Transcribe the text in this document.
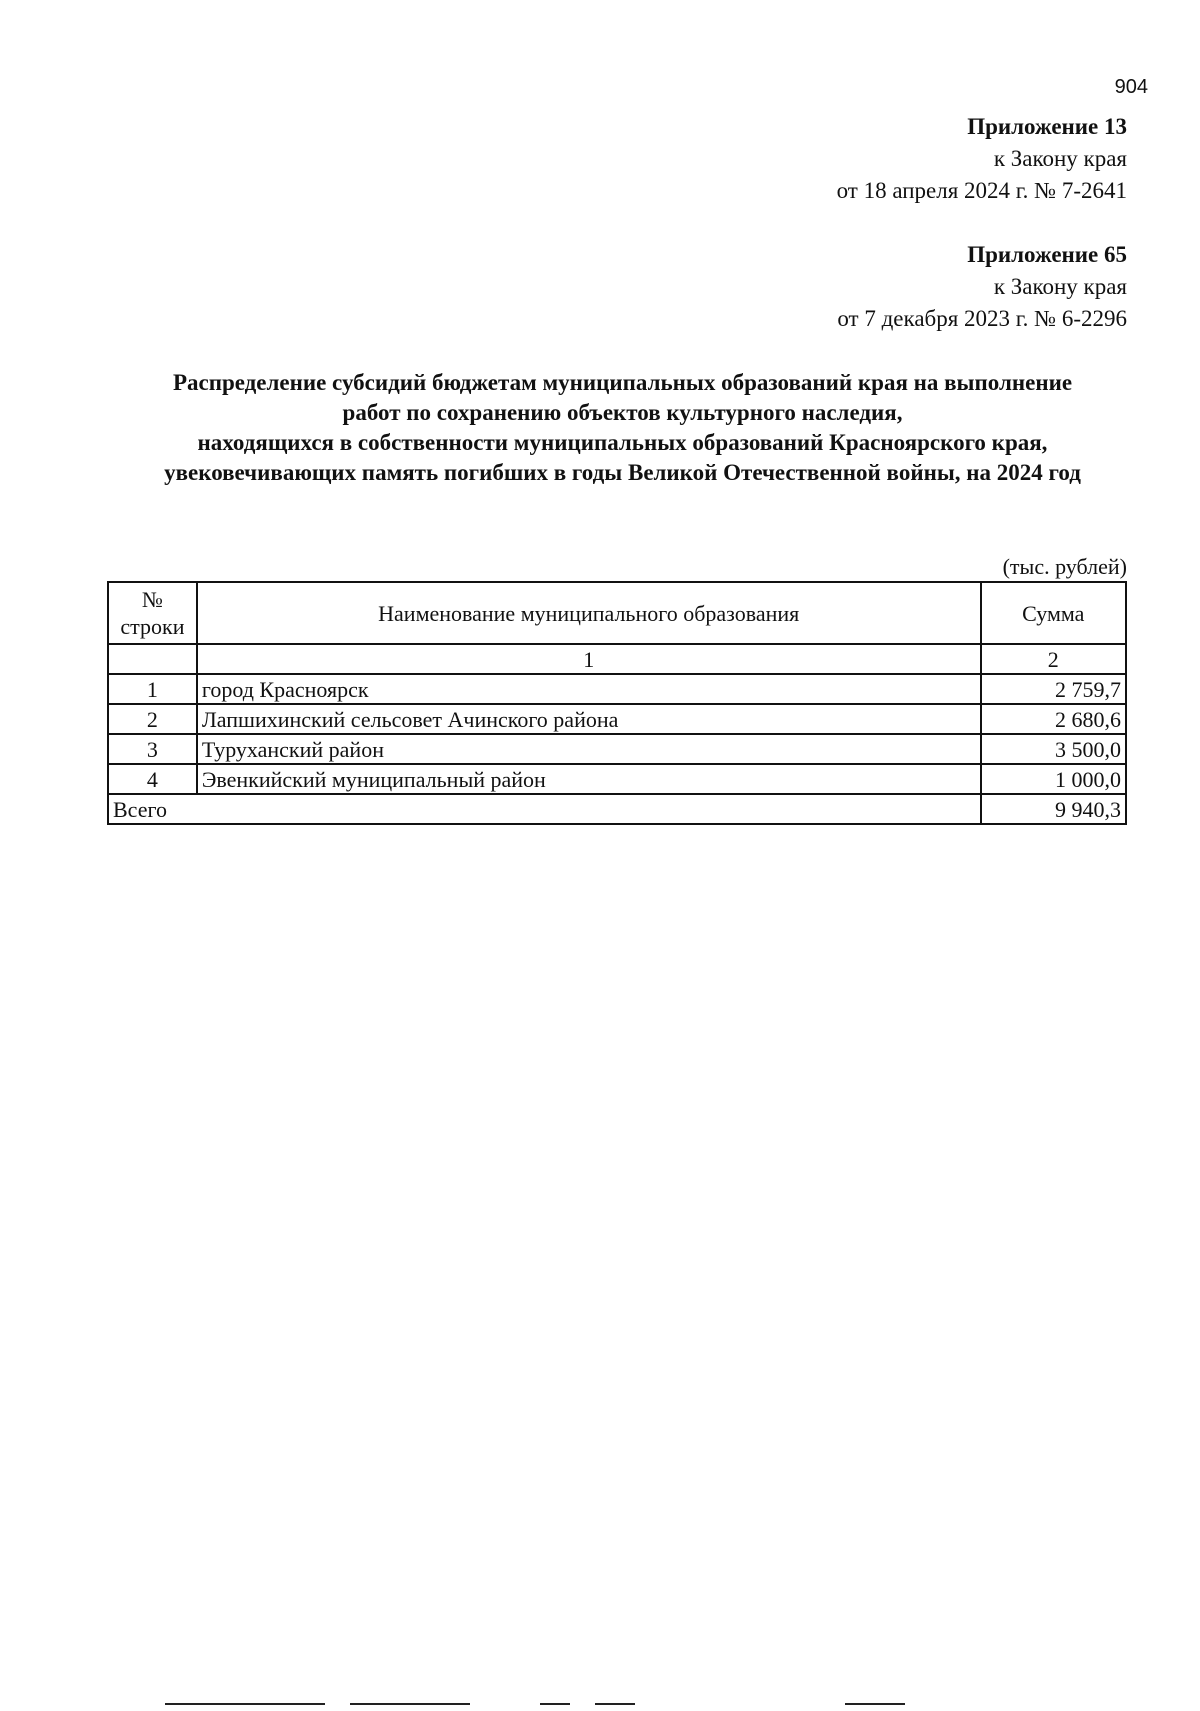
904
Приложение 13
к Закону края
от 18 апреля 2024 г. № 7-2641
Приложение 65
к Закону края
от 7 декабря 2023 г. № 6-2296
Распределение субсидий бюджетам муниципальных образований края на выполнение
работ по сохранению объектов культурного наследия,
находящихся в собственности муниципальных образований Красноярского края,
увековечивающих память погибших в годы Великой Отечественной войны, на 2024 год
(тыс. рублей)
№
строки	Наименование муниципального образования	Сумма
	1	2
1	город Красноярск	2 759,7
2	Лапшихинский сельсовет Ачинского района	2 680,6
3	Туруханский район	3 500,0
4	Эвенкийский муниципальный район	1 000,0
Всего		9 940,3
